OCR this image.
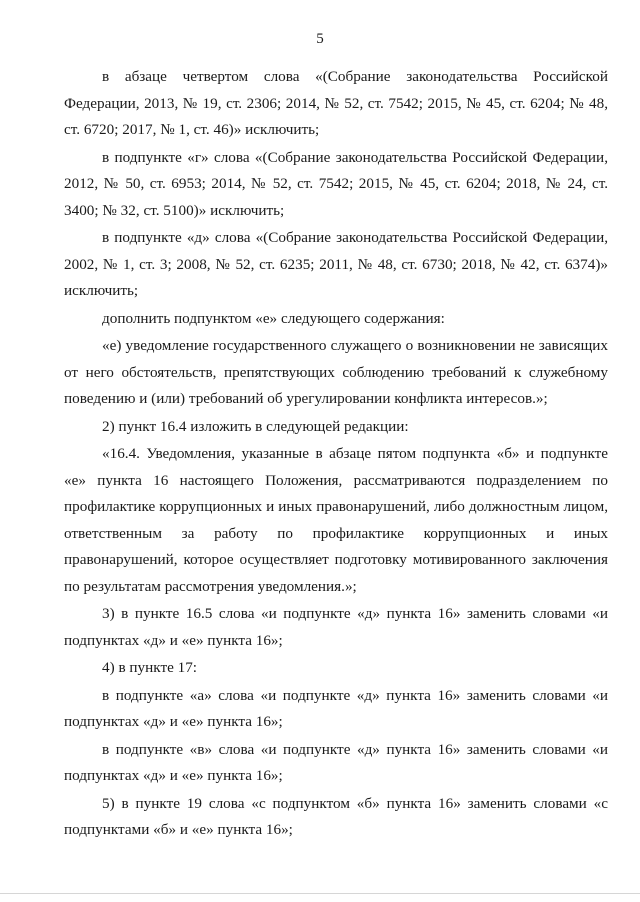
5

в абзаце четвертом слова «(Собрание законодательства Российской Федерации, 2013, № 19, ст. 2306; 2014, № 52, ст. 7542; 2015, № 45, ст. 6204; № 48, ст. 6720; 2017, № 1, ст. 46)» исключить;

в подпункте «г» слова «(Собрание законодательства Российской Федерации, 2012, № 50, ст. 6953; 2014, № 52, ст. 7542; 2015, № 45, ст. 6204; 2018, № 24, ст. 3400; № 32, ст. 5100)» исключить;

в подпункте «д» слова «(Собрание законодательства Российской Федерации, 2002, № 1, ст. 3; 2008, № 52, ст. 6235; 2011, № 48, ст. 6730; 2018, № 42, ст. 6374)» исключить;

дополнить подпунктом «е» следующего содержания:

«е) уведомление государственного служащего о возникновении не зависящих от него обстоятельств, препятствующих соблюдению требований к служебному поведению и (или) требований об урегулировании конфликта интересов.»;

2) пункт 16.4 изложить в следующей редакции:

«16.4. Уведомления, указанные в абзаце пятом подпункта «б» и подпункте «е» пункта 16 настоящего Положения, рассматриваются подразделением по профилактике коррупционных и иных правонарушений, либо должностным лицом, ответственным за работу по профилактике коррупционных и иных правонарушений, которое осуществляет подготовку мотивированного заключения по результатам рассмотрения уведомления.»;

3) в пункте 16.5 слова «и подпункте «д» пункта 16» заменить словами «и подпунктах «д» и «е» пункта 16»;

4) в пункте 17:

в подпункте «а» слова «и подпункте «д» пункта 16» заменить словами «и подпунктах «д» и «е» пункта 16»;

в подпункте «в» слова «и подпункте «д» пункта 16» заменить словами «и подпунктах «д» и «е» пункта 16»;

5) в пункте 19 слова «с подпунктом «б» пункта 16» заменить словами «с подпунктами «б» и «е» пункта 16»;
